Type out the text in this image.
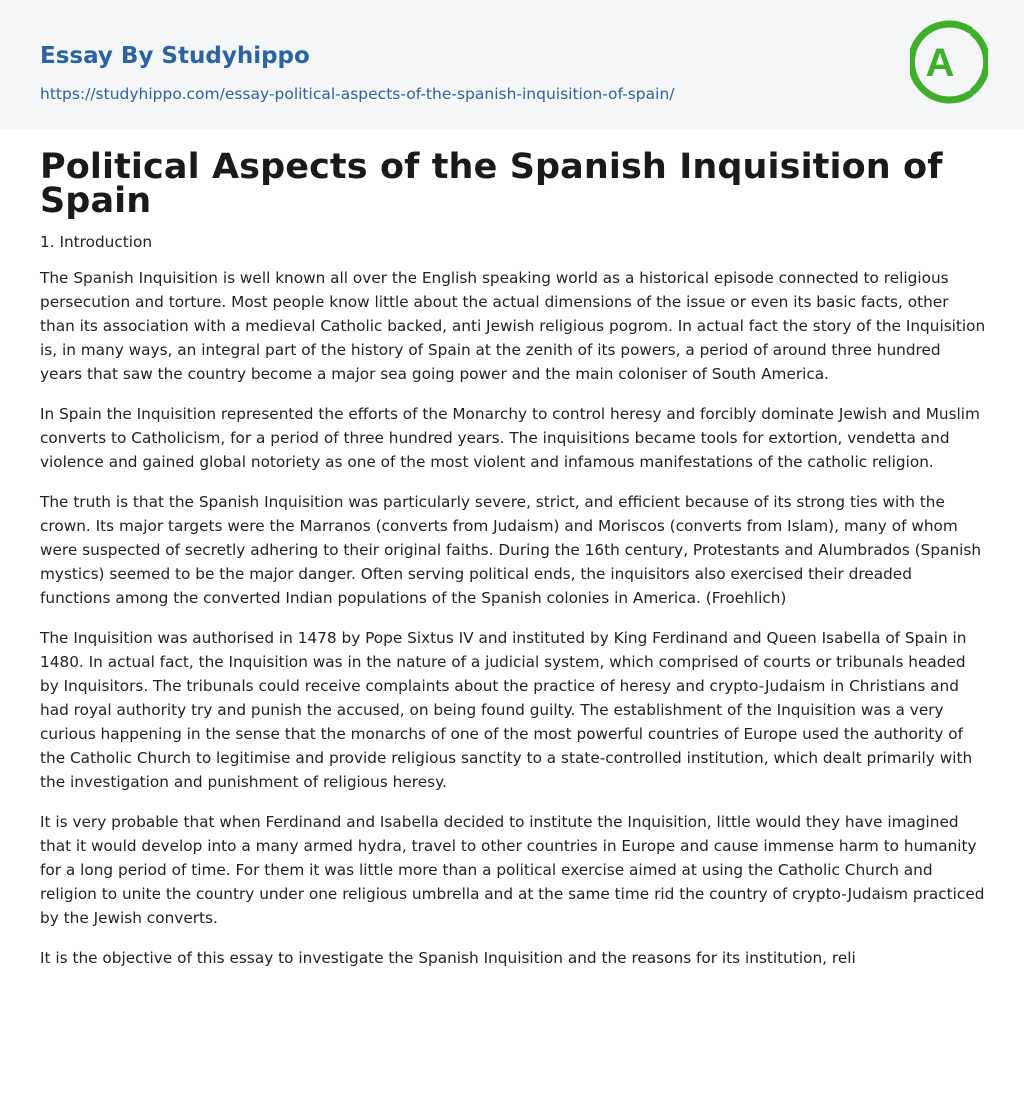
Essay By Studyhippo
https://studyhippo.com/essay-political-aspects-of-the-spanish-inquisition-of-spain/
A
Political Aspects of the Spanish Inquisition of Spain
1. Introduction

The Spanish Inquisition is well known all over the English speaking world as a historical episode connected to religious persecution and torture. Most people know little about the actual dimensions of the issue or even its basic facts, other than its association with a medieval Catholic backed, anti Jewish religious pogrom. In actual fact the story of the Inquisition is, in many ways, an integral part of the history of Spain at the zenith of its powers, a period of around three hundred years that saw the country become a major sea going power and the main coloniser of South America.

In Spain the Inquisition represented the efforts of the Monarchy to control heresy and forcibly dominate Jewish and Muslim converts to Catholicism, for a period of three hundred years. The inquisitions became tools for extortion, vendetta and violence and gained global notoriety as one of the most violent and infamous manifestations of the catholic religion.

The truth is that the Spanish Inquisition was particularly severe, strict, and efficient because of its strong ties with the crown. Its major targets were the Marranos (converts from Judaism) and Moriscos (converts from Islam), many of whom were suspected of secretly adhering to their original faiths. During the 16th century, Protestants and Alumbrados (Spanish mystics) seemed to be the major danger. Often serving political ends, the inquisitors also exercised their dreaded functions among the converted Indian populations of the Spanish colonies in America. (Froehlich)

The Inquisition was authorised in 1478 by Pope Sixtus IV and instituted by King Ferdinand and Queen Isabella of Spain in 1480. In actual fact, the Inquisition was in the nature of a judicial system, which comprised of courts or tribunals headed by Inquisitors. The tribunals could receive complaints about the practice of heresy and crypto-Judaism in Christians and had royal authority try and punish the accused, on being found guilty. The establishment of the Inquisition was a very curious happening in the sense that the monarchs of one of the most powerful countries of Europe used the authority of the Catholic Church to legitimise and provide religious sanctity to a state-controlled institution, which dealt primarily with the investigation and punishment of religious heresy.

It is very probable that when Ferdinand and Isabella decided to institute the Inquisition, little would they have imagined that it would develop into a many armed hydra, travel to other countries in Europe and cause immense harm to humanity for a long period of time. For them it was little more than a political exercise aimed at using the Catholic Church and religion to unite the country under one religious umbrella and at the same time rid the country of crypto-Judaism practiced by the Jewish converts.

It is the objective of this essay to investigate the Spanish Inquisition and the reasons for its institution, reli
